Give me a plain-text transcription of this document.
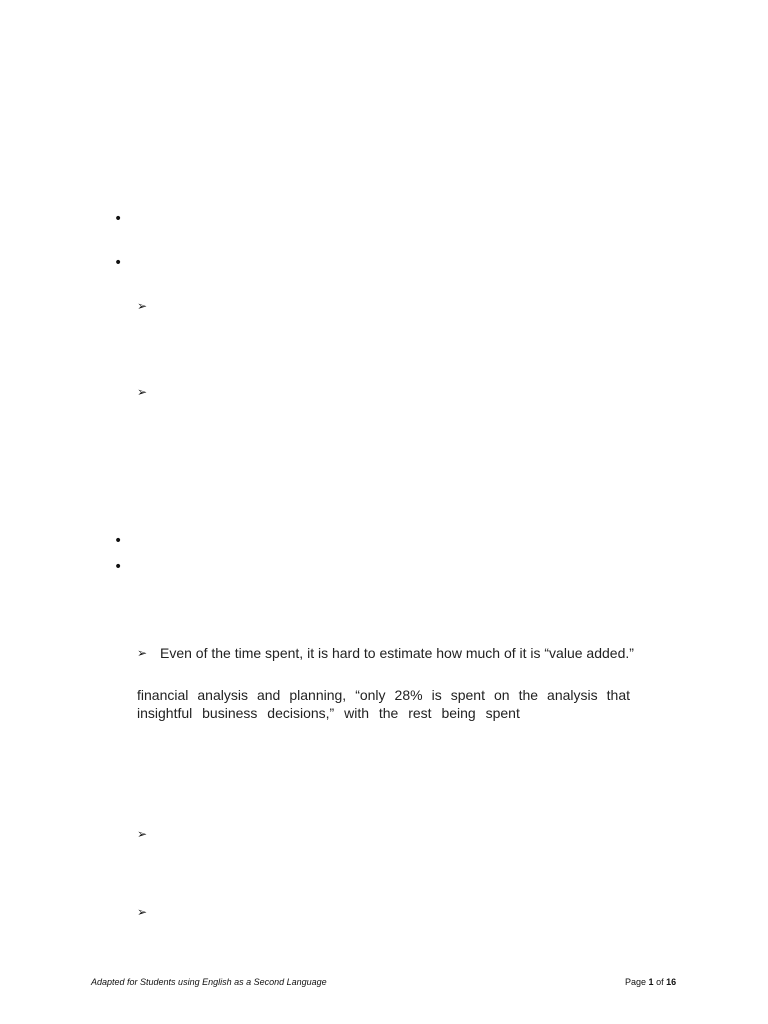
•
•
➢
➢
•
•
➢ Even of the time spent, it is hard to estimate how much of it is “value added.”
financial analysis and planning, “only 28% is spent on the analysis that
insightful business decisions,” with the rest being spent
➢
➢
Adapted for Students using English as a Second Language	Page 1 of 16
